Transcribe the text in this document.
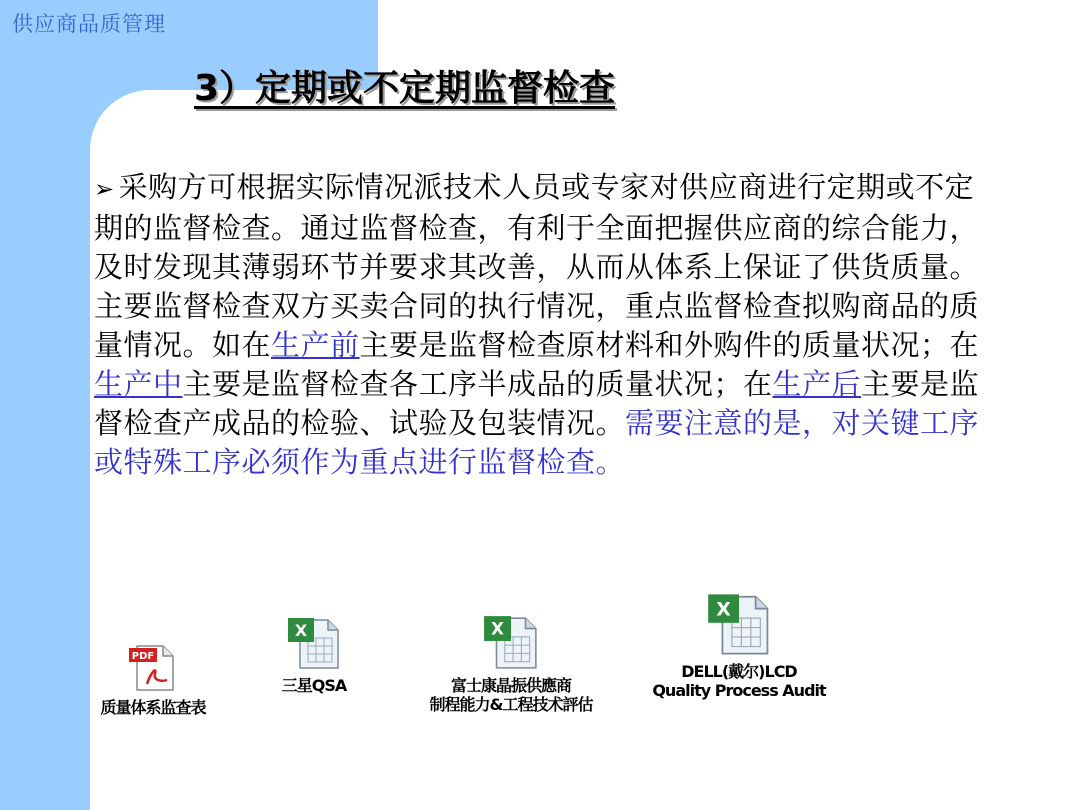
供应商品质管理
3）定期或不定期监督检查
➢ 采购方可根据实际情况派技术人员或专家对供应商进行定期或不定期的监督检查。通过监督检查，有利于全面把握供应商的综合能力，及时发现其薄弱环节并要求其改善，从而从体系上保证了供货质量。主要监督检查双方买卖合同的执行情况，重点监督检查拟购商品的质量情况。如在生产前主要是监督检查原材料和外购件的质量状况；在生产中主要是监督检查各工序半成品的质量状况；在生产后主要是监督检查产成品的检验、试验及包装情况。需要注意的是，对关键工序或特殊工序必须作为重点进行监督检查。
PDF
质量体系监查表
X
三星QSA
X
富士康晶振供應商
制程能力&工程技术評估
X
DELL(戴尔)LCD
Quality Process Audit
